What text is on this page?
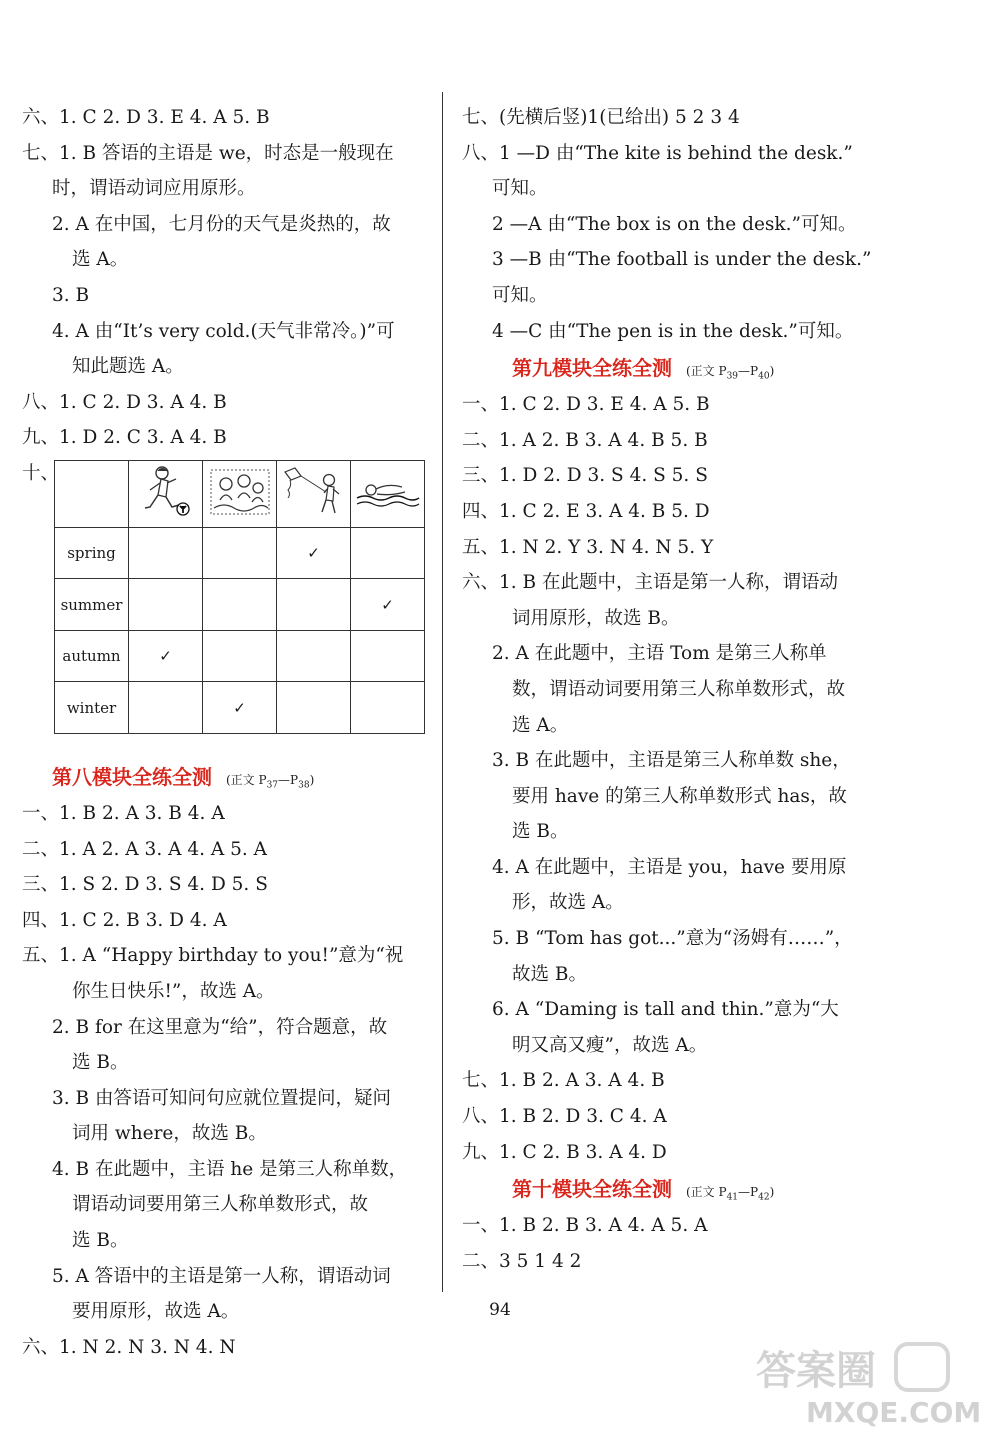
六、1. C 2. D 3. E 4. A 5. B
七、1. B 答语的主语是 we，时态是一般现在
时，谓语动词应用原形。
2. A 在中国，七月份的天气是炎热的，故
选 A。
3. B
4. A 由“It’s very cold.(天气非常冷。)”可
知此题选 A。
八、1. C 2. D 3. A 4. B
九、1. D 2. C 3. A 4. B
十、

spring			✓	
summer				✓
autumn	✓			
winter		✓		
第八模块全练全测 (正文 $P_{37}—P_{38}$)
一、1. B 2. A 3. B 4. A
二、1. A 2. A 3. A 4. A 5. A
三、1. S 2. D 3. S 4. D 5. S
四、1. C 2. B 3. D 4. A
五、1. A “Happy birthday to you!”意为“祝
你生日快乐!”，故选 A。
2. B for 在这里意为“给”，符合题意，故
选 B。
3. B 由答语可知问句应就位置提问，疑问
词用 where，故选 B。
4. B 在此题中，主语 he 是第三人称单数，
谓语动词要用第三人称单数形式，故
选 B。
5. A 答语中的主语是第一人称，谓语动词
要用原形，故选 A。
六、1. N 2. N 3. N 4. N
七、(先横后竖)1(已给出) 5 2 3 4
八、1 —D 由“The kite is behind the desk.”
可知。
2 —A 由“The box is on the desk.”可知。
3 —B 由“The football is under the desk.”
可知。
4 —C 由“The pen is in the desk.”可知。
第九模块全练全测 (正文 $P_{39}—P_{40}$)
一、1. C 2. D 3. E 4. A 5. B
二、1. A 2. B 3. A 4. B 5. B
三、1. D 2. D 3. S 4. S 5. S
四、1. C 2. E 3. A 4. B 5. D
五、1. N 2. Y 3. N 4. N 5. Y
六、1. B 在此题中，主语是第一人称，谓语动
词用原形，故选 B。
2. A 在此题中，主语 Tom 是第三人称单
数，谓语动词要用第三人称单数形式，故
选 A。
3. B 在此题中，主语是第三人称单数 she，
要用 have 的第三人称单数形式 has，故
选 B。
4. A 在此题中，主语是 you，have 要用原
形，故选 A。
5. B “Tom has got...”意为“汤姆有……”，
故选 B。
6. A “Daming is tall and thin.”意为“大
明又高又瘦”，故选 A。
七、1. B 2. A 3. A 4. B
八、1. B 2. D 3. C 4. A
九、1. C 2. B 3. A 4. D
第十模块全练全测 (正文 $P_{41}—P_{42}$)
一、1. B 2. B 3. A 4. A 5. A
二、3 5 1 4 2
94
答案圈
MXQE.COM
